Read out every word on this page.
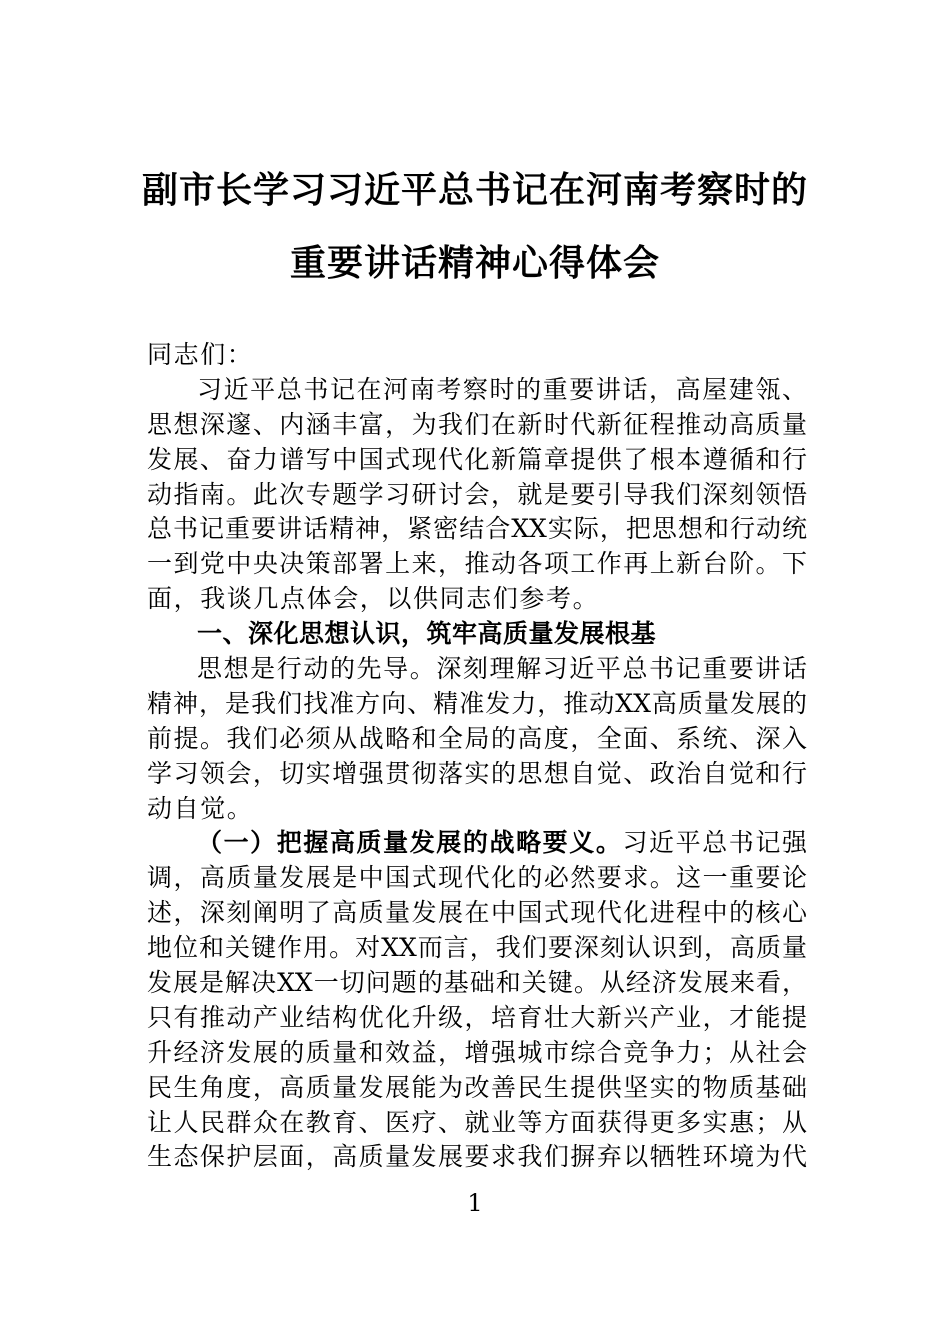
副市长学习习近平总书记在河南考察时的
重要讲话精神心得体会
同志们：
习近平总书记在河南考察时的重要讲话，高屋建瓴、
思想深邃、内涵丰富，为我们在新时代新征程推动高质量
发展、奋力谱写中国式现代化新篇章提供了根本遵循和行
动指南。此次专题学习研讨会，就是要引导我们深刻领悟
总书记重要讲话精神，紧密结合XX实际，把思想和行动统
一到党中央决策部署上来，推动各项工作再上新台阶。下
面，我谈几点体会，以供同志们参考。
一、深化思想认识，筑牢高质量发展根基
思想是行动的先导。深刻理解习近平总书记重要讲话
精神，是我们找准方向、精准发力，推动XX高质量发展的
前提。我们必须从战略和全局的高度，全面、系统、深入
学习领会，切实增强贯彻落实的思想自觉、政治自觉和行
动自觉。
（一）把握高质量发展的战略要义。习近平总书记强
调，高质量发展是中国式现代化的必然要求。这一重要论
述，深刻阐明了高质量发展在中国式现代化进程中的核心
地位和关键作用。对XX而言，我们要深刻认识到，高质量
发展是解决XX一切问题的基础和关键。从经济发展来看，
只有推动产业结构优化升级，培育壮大新兴产业，才能提
升经济发展的质量和效益，增强城市综合竞争力；从社会
民生角度，高质量发展能为改善民生提供坚实的物质基础
让人民群众在教育、医疗、就业等方面获得更多实惠；从
生态保护层面，高质量发展要求我们摒弃以牺牲环境为代
1
